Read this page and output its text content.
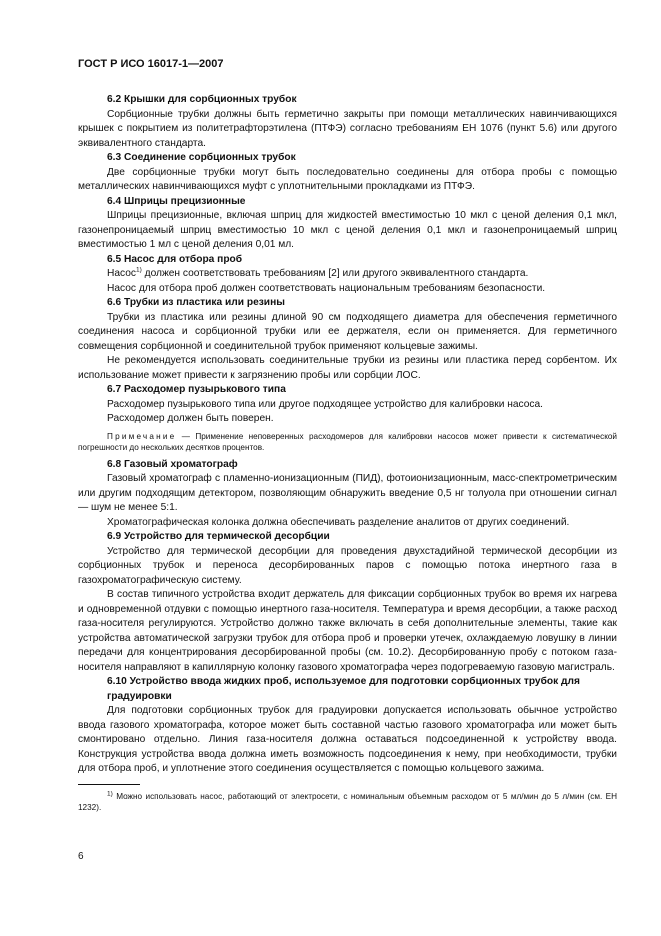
ГОСТ Р ИСО 16017-1—2007
6.2 Крышки для сорбционных трубок

Сорбционные трубки должны быть герметично закрыты при помощи металлических навинчивающихся крышек с покрытием из политетрафторэтилена (ПТФЭ) согласно требованиям ЕН 1076 (пункт 5.6) или другого эквивалентного стандарта.

6.3 Соединение сорбционных трубок

Две сорбционные трубки могут быть последовательно соединены для отбора пробы с помощью металлических навинчивающихся муфт с уплотнительными прокладками из ПТФЭ.

6.4 Шприцы прецизионные

Шприцы прецизионные, включая шприц для жидкостей вместимостью 10 мкл с ценой деления 0,1 мкл, газонепроницаемый шприц вместимостью 10 мкл с ценой деления 0,1 мкл и газонепроницаемый шприц вместимостью 1 мл с ценой деления 0,01 мл.

6.5 Насос для отбора проб

Насос$^{1)}$ должен соответствовать требованиям [2] или другого эквивалентного стандарта.

Насос для отбора проб должен соответствовать национальным требованиям безопасности.

6.6 Трубки из пластика или резины

Трубки из пластика или резины длиной 90 см подходящего диаметра для обеспечения герметичного соединения насоса и сорбционной трубки или ее держателя, если он применяется. Для герметичного совмещения сорбционной и соединительной трубок применяют кольцевые зажимы.

Не рекомендуется использовать соединительные трубки из резины или пластика перед сорбентом. Их использование может привести к загрязнению пробы или сорбции ЛОС.

6.7 Расходомер пузырькового типа

Расходомер пузырькового типа или другое подходящее устройство для калибровки насоса.

Расходомер должен быть поверен.

Примечание — Применение неповеренных расходомеров для калибровки насосов может привести к систематической погрешности до нескольких десятков процентов.
6.8 Газовый хроматограф

Газовый хроматограф с пламенно-ионизационным (ПИД), фотоионизационным, масс-спектрометрическим или другим подходящим детектором, позволяющим обнаружить введение 0,5 нг толуола при отношении сигнал — шум не менее 5:1.

Хроматографическая колонка должна обеспечивать разделение аналитов от других соединений.

6.9 Устройство для термической десорбции

Устройство для термической десорбции для проведения двухстадийной термической десорбции из сорбционных трубок и переноса десорбированных паров с помощью потока инертного газа в газохроматографическую систему.

В состав типичного устройства входит держатель для фиксации сорбционных трубок во время их нагрева и одновременной отдувки с помощью инертного газа-носителя. Температура и время десорбции, а также расход газа-носителя регулируются. Устройство должно также включать в себя дополнительные элементы, такие как устройства автоматической загрузки трубок для отбора проб и проверки утечек, охлаждаемую ловушку в линии передачи для концентрирования десорбированной пробы (см. 10.2). Десорбированную пробу с потоком газа-носителя направляют в капиллярную колонку газового хроматографа через подогреваемую газовую магистраль.

6.10 Устройство ввода жидких проб, используемое для подготовки сорбционных трубок для градуировки

Для подготовки сорбционных трубок для градуировки допускается использовать обычное устройство ввода газового хроматографа, которое может быть составной частью газового хроматографа или может быть смонтировано отдельно. Линия газа-носителя должна оставаться подсоединенной к устройству ввода. Конструкция устройства ввода должна иметь возможность подсоединения к нему, при необходимости, трубки для отбора проб, и уплотнение этого соединения осуществляется с помощью кольцевого зажима.

$^{1)}$ Можно использовать насос, работающий от электросети, с номинальным объемным расходом от 5 мл/мин до 5 л/мин (см. ЕН 1232).
6
